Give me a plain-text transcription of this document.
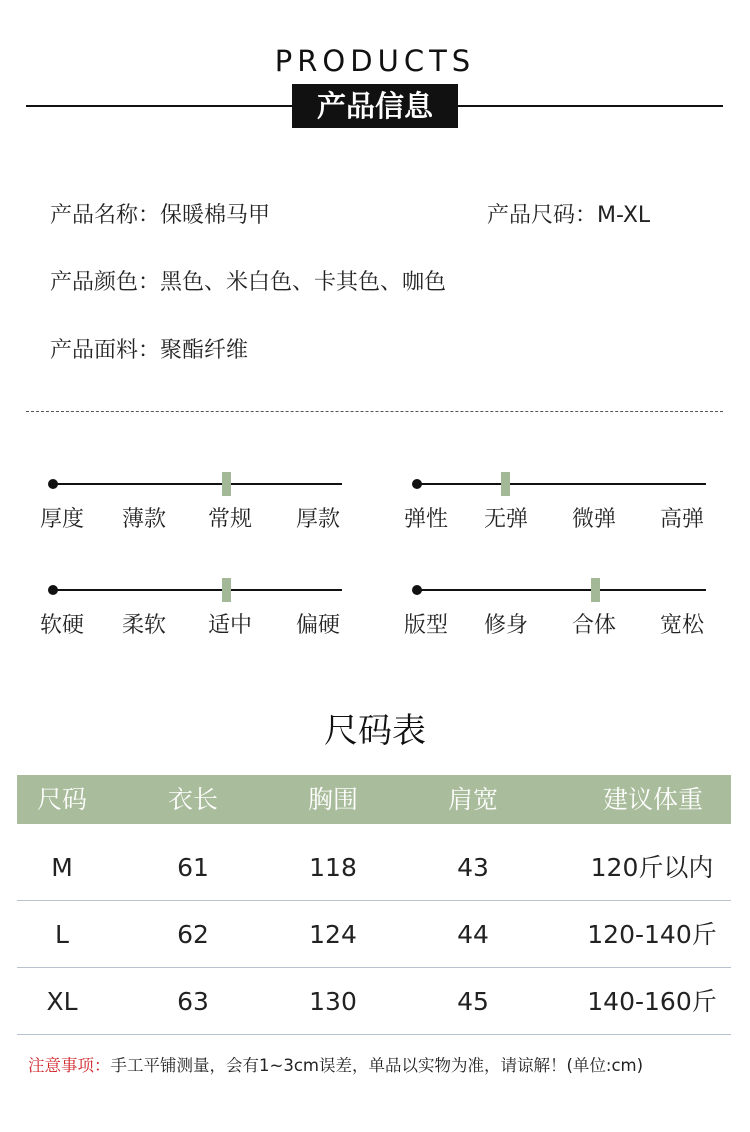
PRODUCTS
产品信息
产品名称：保暖棉马甲	产品尺码：M-XL
产品颜色：黑色、米白色、卡其色、咖色
产品面料：聚酯纤维
厚度 薄款 常规 厚款	弹性 无弹 微弹 高弹
软硬 柔软 适中 偏硬	版型 修身 合体 宽松
尺码表
尺码	衣长	胸围	肩宽	建议体重
M	61	118	43	120斤以内
L	62	124	44	120-140斤
XL	63	130	45	140-160斤
注意事项：手工平铺测量，会有1~3cm误差，单品以实物为准，请谅解！(单位:cm)
